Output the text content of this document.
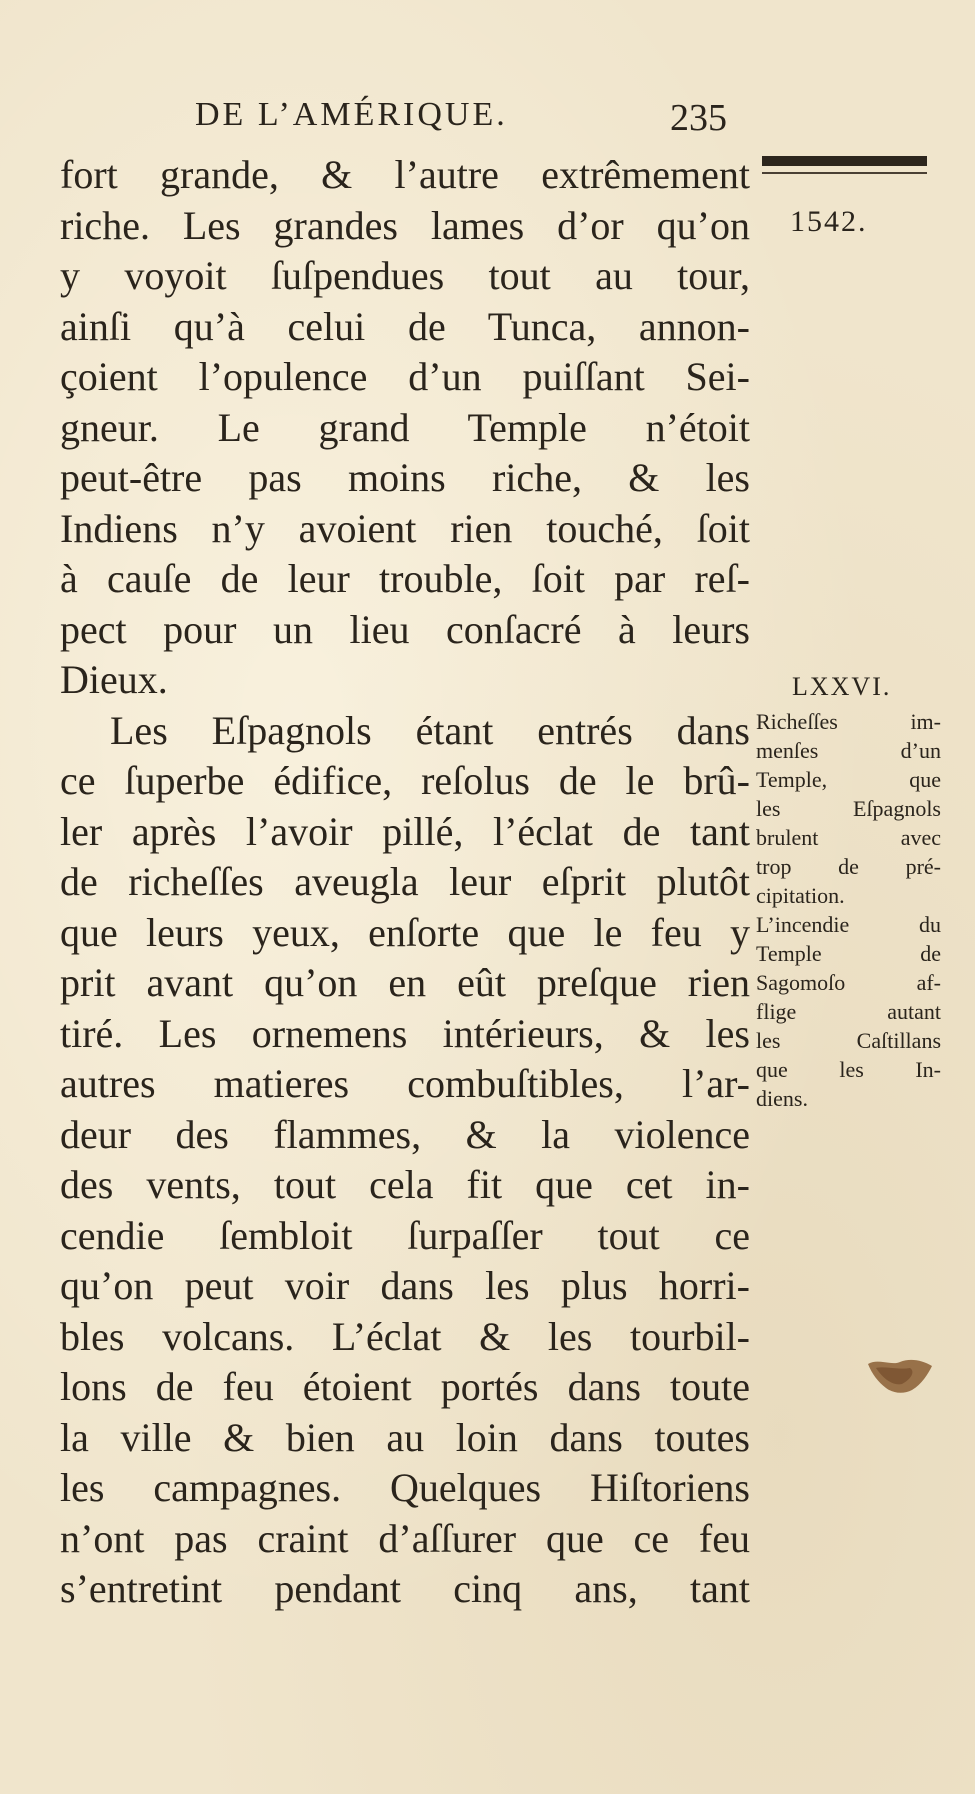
DE L’AMÉRIQUE.	235
1542.
fort grande, & l’autre extrêmement
riche. Les grandes lames d’or qu’on
y voyoit ſuſpendues tout au tour,
ainſi qu’à celui de Tunca, annon-
çoient l’opulence d’un puiſſant Sei-
gneur. Le grand Temple n’étoit
peut-être pas moins riche, & les
Indiens n’y avoient rien touché, ſoit
à cauſe de leur trouble, ſoit par reſ-
pect pour un lieu conſacré à leurs
Dieux.
Les Eſpagnols étant entrés dans
ce ſuperbe édifice, reſolus de le brû-
ler après l’avoir pillé, l’éclat de tant
de richeſſes aveugla leur eſprit plutôt
que leurs yeux, enſorte que le feu y
prit avant qu’on en eût preſque rien
tiré. Les ornemens intérieurs, & les
autres matieres combuſtibles, l’ar-
deur des flammes, & la violence
des vents, tout cela fit que cet in-
cendie ſembloit ſurpaſſer tout ce
qu’on peut voir dans les plus horri-
bles volcans. L’éclat & les tourbil-
lons de feu étoient portés dans toute
la ville & bien au loin dans toutes
les campagnes. Quelques Hiſtoriens
n’ont pas craint d’aſſurer que ce feu
s’entretint pendant cinq ans, tant
LXXVI.
Richeſſes im-
menſes d’un
Temple, que
les Eſpagnols
brulent avec
trop de pré-
cipitation.
L’incendie du
Temple de
Sagomoſo af-
flige autant
les Caſtillans
que les In-
diens.
